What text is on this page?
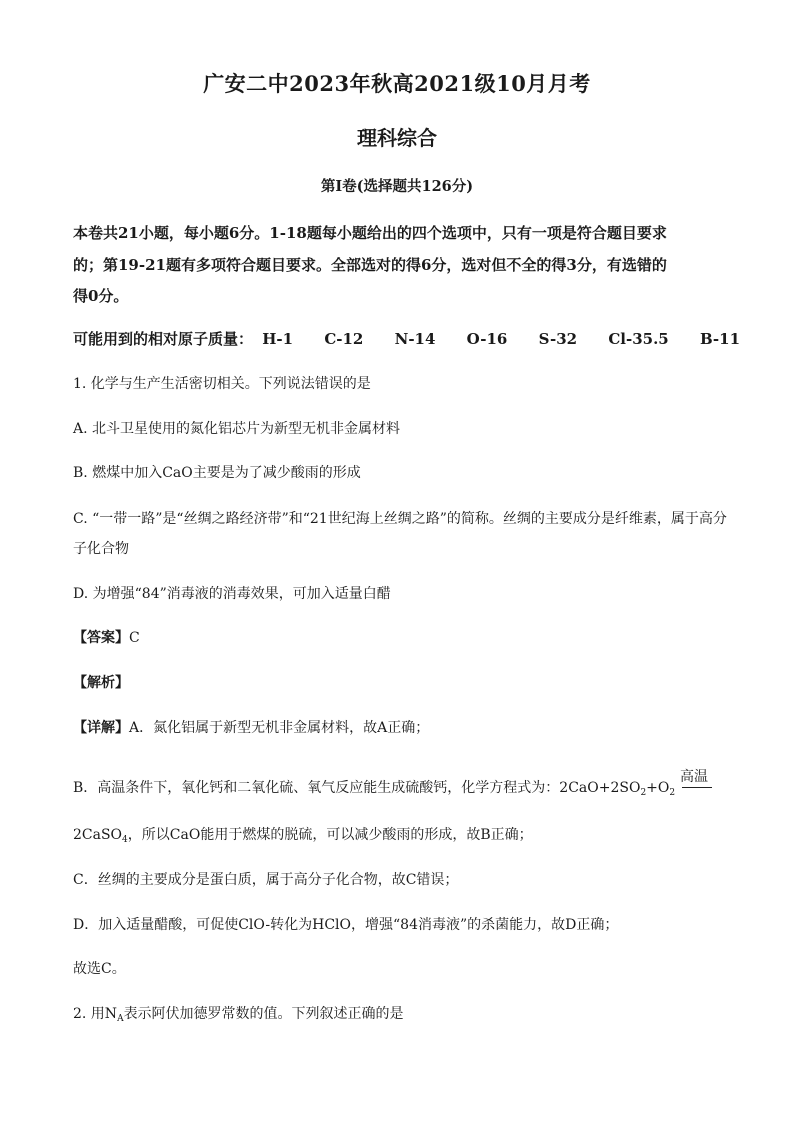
广安二中2023年秋高2021级10月月考
理科综合
第I卷(选择题共126分)
本卷共21小题，每小题6分。1-18题每小题给出的四个选项中，只有一项是符合题目要求
的；第19-21题有多项符合题目要求。全部选对的得6分，选对但不全的得3分，有选错的
得0分。
可能用到的相对原子质量： H-1 C-12 N-14 O-16 S-32 Cl-35.5 B-11
1. 化学与生产生活密切相关。下列说法错误的是
A. 北斗卫星使用的氮化铝芯片为新型无机非金属材料
B. 燃煤中加入CaO主要是为了减少酸雨的形成
C. “一带一路”是“丝绸之路经济带”和“21世纪海上丝绸之路”的简称。丝绸的主要成分是纤维素，属于高分
子化合物
D. 为增强“84”消毒液的消毒效果，可加入适量白醋
【答案】C
【解析】
【详解】A．氮化铝属于新型无机非金属材料，故A正确；
B．高温条件下，氧化钙和二氧化硫、氧气反应能生成硫酸钙，化学方程式为：$2CaO+2SO_2+O_2$
高温
2CaSO$_4$，所以CaO能用于燃煤的脱硫，可以减少酸雨的形成，故B正确；
C．丝绸的主要成分是蛋白质，属于高分子化合物，故C错误；
D．加入适量醋酸，可促使ClO-转化为HClO，增强“84消毒液”的杀菌能力，故D正确；
故选C。
2. 用$N_A$表示阿伏加德罗常数的值。下列叙述正确的是
